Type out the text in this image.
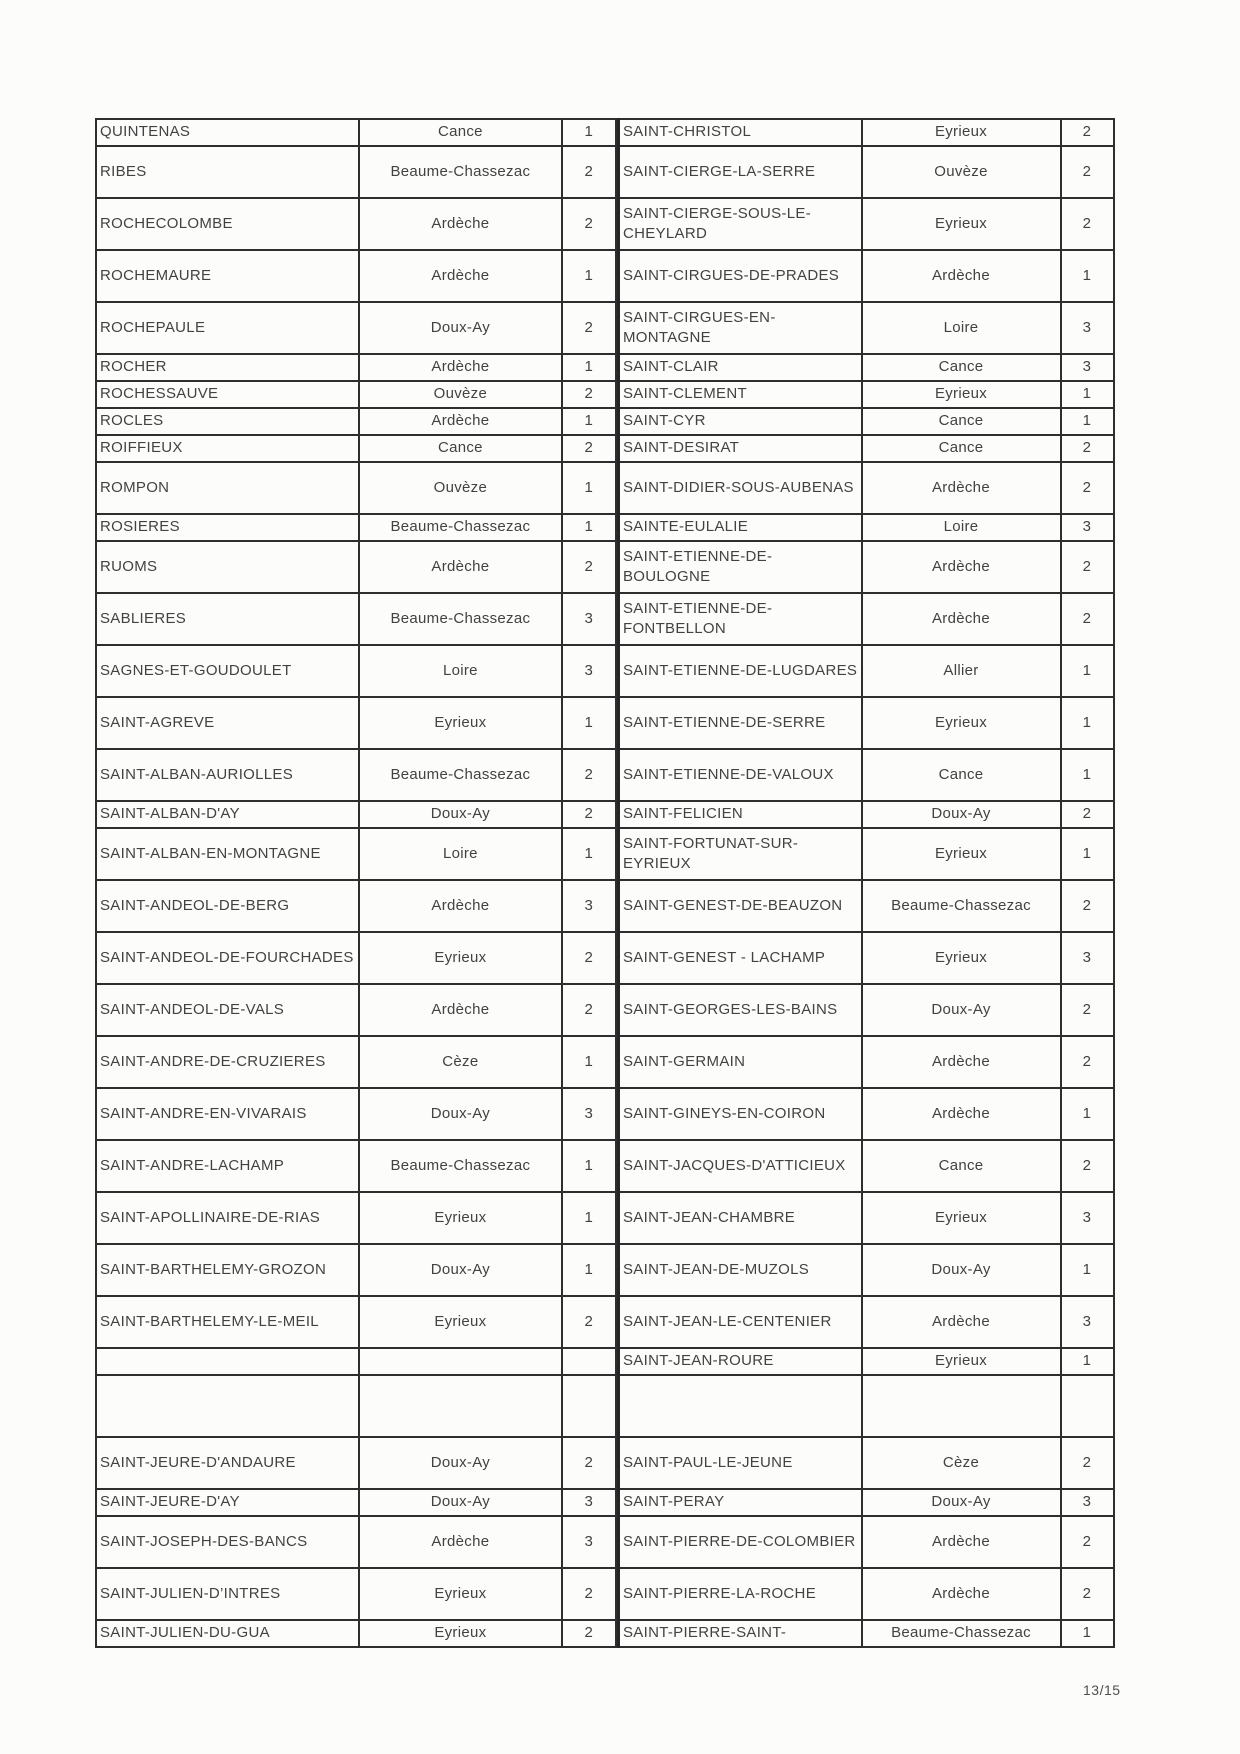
QUINTENAS	Cance	1
RIBES	Beaume-Chassezac	2
ROCHECOLOMBE	Ardèche	2
ROCHEMAURE	Ardèche	1
ROCHEPAULE	Doux-Ay	2
ROCHER	Ardèche	1
ROCHESSAUVE	Ouvèze	2
ROCLES	Ardèche	1
ROIFFIEUX	Cance	2
ROMPON	Ouvèze	1
ROSIERES	Beaume-Chassezac	1
RUOMS	Ardèche	2
SABLIERES	Beaume-Chassezac	3
SAGNES-ET-GOUDOULET	Loire	3
SAINT-AGREVE	Eyrieux	1
SAINT-ALBAN-AURIOLLES	Beaume-Chassezac	2
SAINT-ALBAN-D'AY	Doux-Ay	2
SAINT-ALBAN-EN-MONTAGNE	Loire	1
SAINT-ANDEOL-DE-BERG	Ardèche	3
SAINT-ANDEOL-DE-FOURCHADES	Eyrieux	2
SAINT-ANDEOL-DE-VALS	Ardèche	2
SAINT-ANDRE-DE-CRUZIERES	Cèze	1
SAINT-ANDRE-EN-VIVARAIS	Doux-Ay	3
SAINT-ANDRE-LACHAMP	Beaume-Chassezac	1
SAINT-APOLLINAIRE-DE-RIAS	Eyrieux	1
SAINT-BARTHELEMY-GROZON	Doux-Ay	1
SAINT-BARTHELEMY-LE-MEIL	Eyrieux	2

SAINT-JEURE-D'ANDAURE	Doux-Ay	2
SAINT-JEURE-D'AY	Doux-Ay	3
SAINT-JOSEPH-DES-BANCS	Ardèche	3
SAINT-JULIEN-D’INTRES	Eyrieux	2
SAINT-JULIEN-DU-GUA	Eyrieux	2
SAINT-CHRISTOL	Eyrieux	2
SAINT-CIERGE-LA-SERRE	Ouvèze	2
SAINT-CIERGE-SOUS-LE-CHEYLARD	Eyrieux	2
SAINT-CIRGUES-DE-PRADES	Ardèche	1
SAINT-CIRGUES-EN-MONTAGNE	Loire	3
SAINT-CLAIR	Cance	3
SAINT-CLEMENT	Eyrieux	1
SAINT-CYR	Cance	1
SAINT-DESIRAT	Cance	2
SAINT-DIDIER-SOUS-AUBENAS	Ardèche	2
SAINTE-EULALIE	Loire	3
SAINT-ETIENNE-DE-BOULOGNE	Ardèche	2
SAINT-ETIENNE-DE-FONTBELLON	Ardèche	2
SAINT-ETIENNE-DE-LUGDARES	Allier	1
SAINT-ETIENNE-DE-SERRE	Eyrieux	1
SAINT-ETIENNE-DE-VALOUX	Cance	1
SAINT-FELICIEN	Doux-Ay	2
SAINT-FORTUNAT-SUR-EYRIEUX	Eyrieux	1
SAINT-GENEST-DE-BEAUZON	Beaume-Chassezac	2
SAINT-GENEST - LACHAMP	Eyrieux	3
SAINT-GEORGES-LES-BAINS	Doux-Ay	2
SAINT-GERMAIN	Ardèche	2
SAINT-GINEYS-EN-COIRON	Ardèche	1
SAINT-JACQUES-D'ATTICIEUX	Cance	2
SAINT-JEAN-CHAMBRE	Eyrieux	3
SAINT-JEAN-DE-MUZOLS	Doux-Ay	1
SAINT-JEAN-LE-CENTENIER	Ardèche	3
SAINT-JEAN-ROURE	Eyrieux	1

SAINT-PAUL-LE-JEUNE	Cèze	2
SAINT-PERAY	Doux-Ay	3
SAINT-PIERRE-DE-COLOMBIER	Ardèche	2
SAINT-PIERRE-LA-ROCHE	Ardèche	2
SAINT-PIERRE-SAINT-	Beaume-Chassezac	1
13/15
